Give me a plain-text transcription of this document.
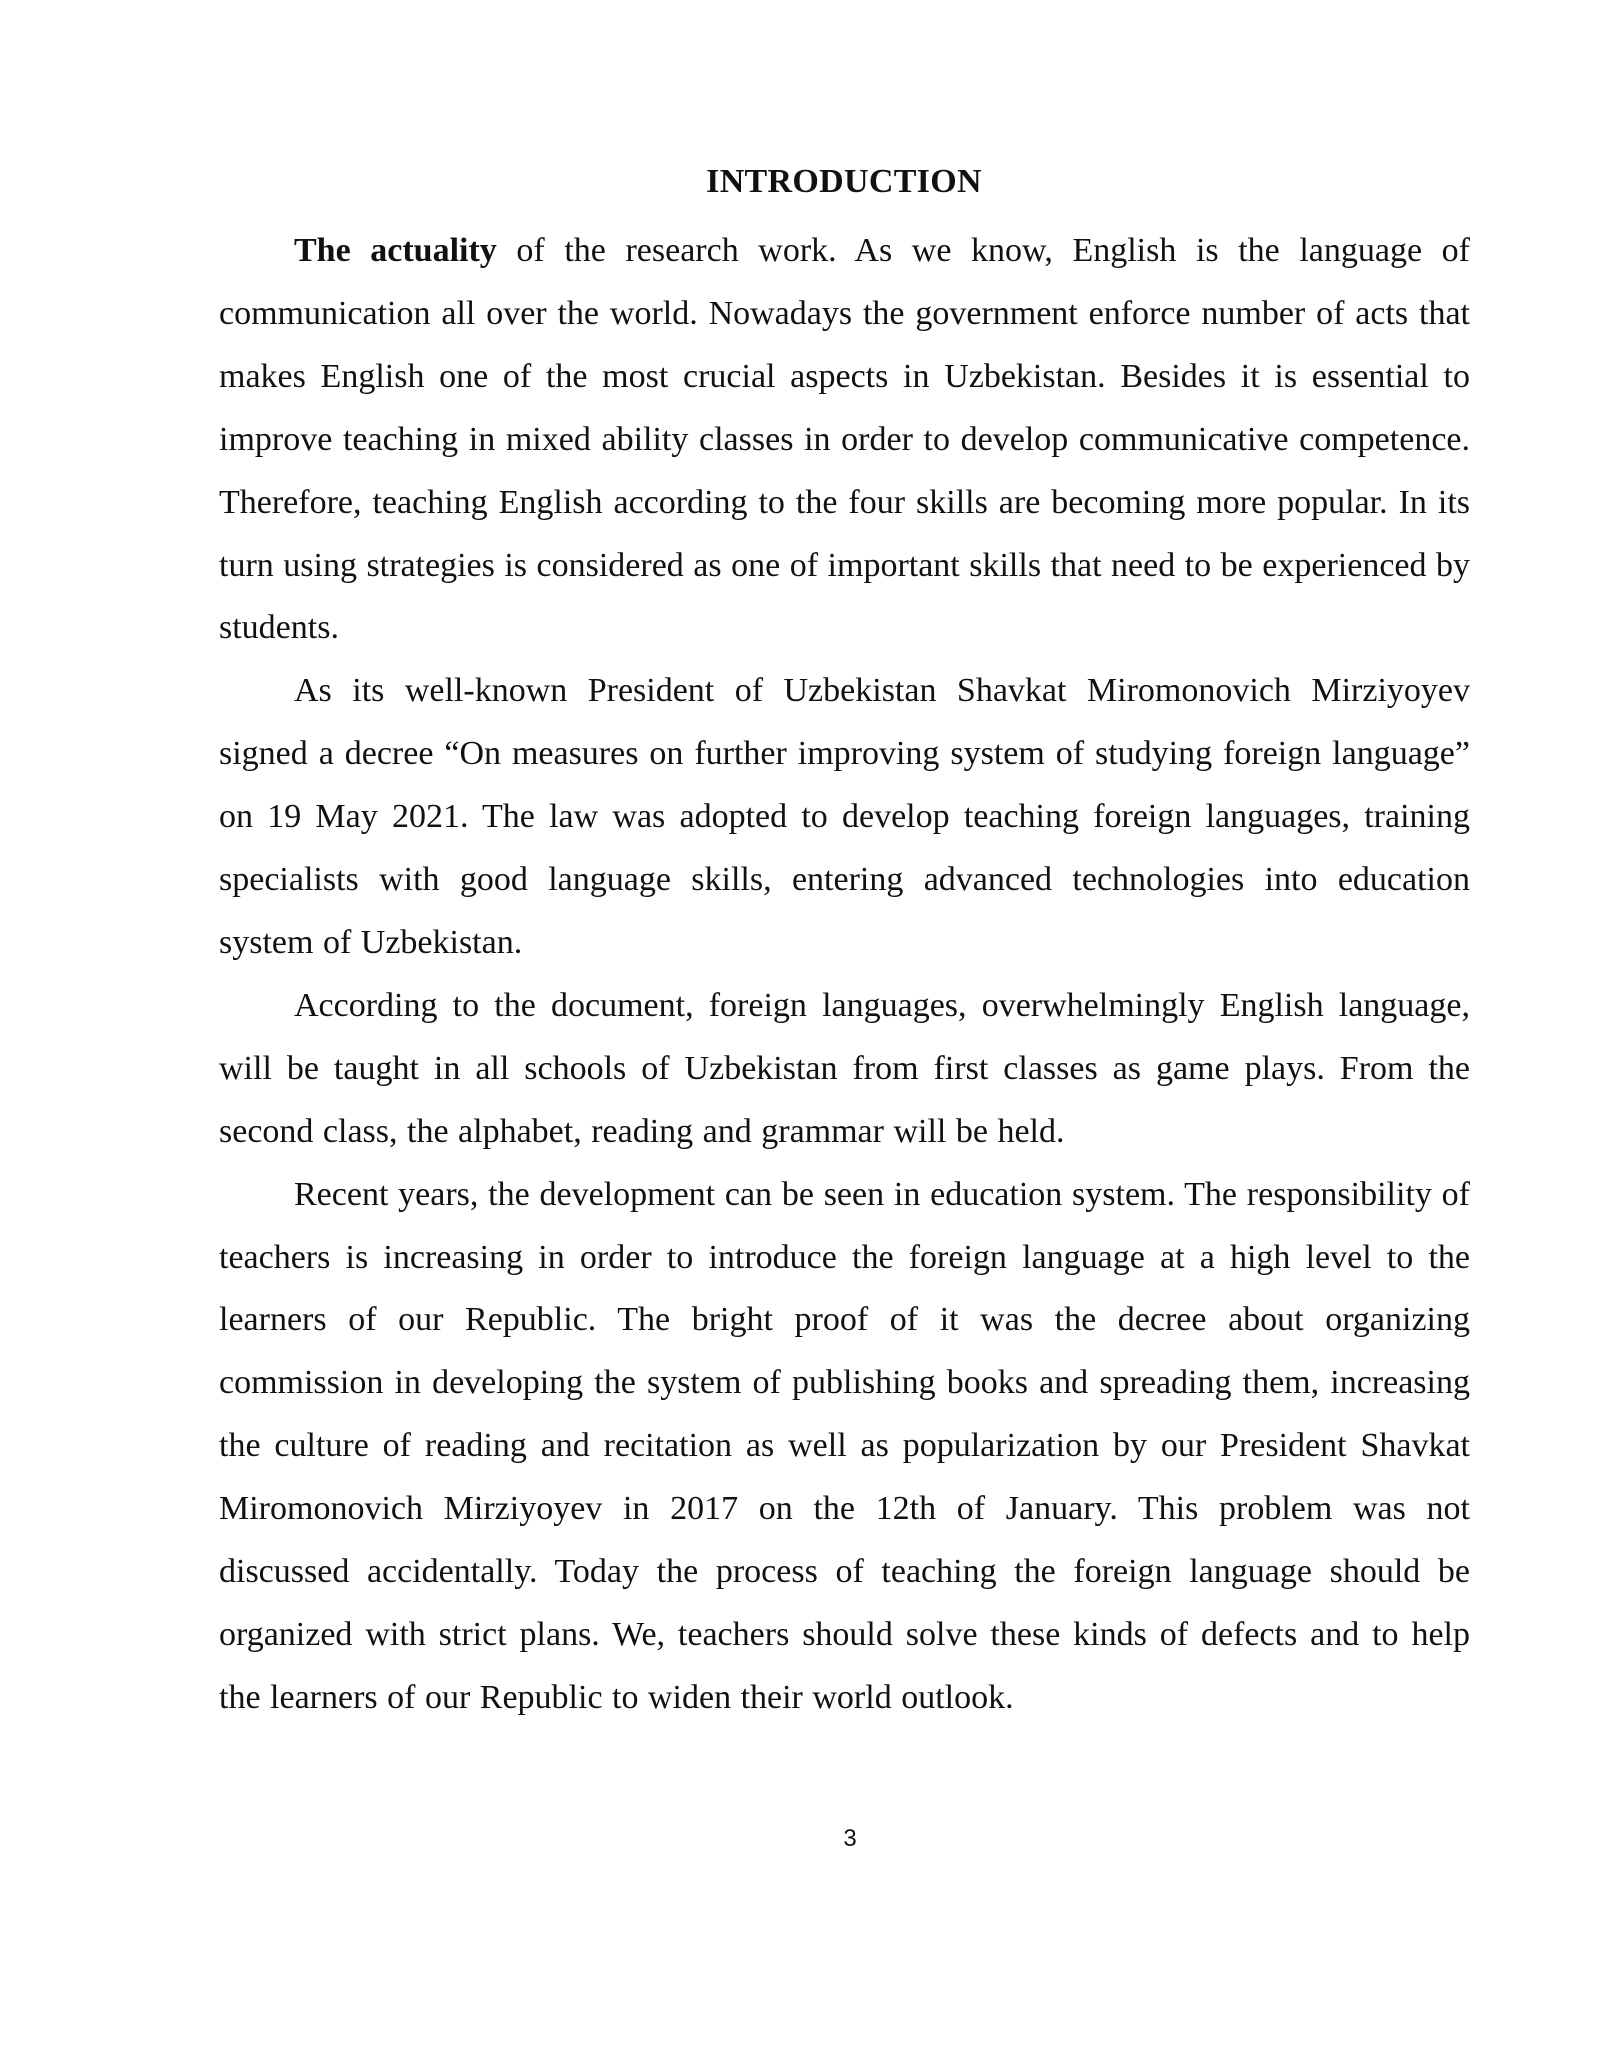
INTRODUCTION

The actuality of the research work. As we know, English is the language of communication all over the world. Nowadays the government enforce number of acts that makes English one of the most crucial aspects in Uzbekistan. Besides it is essential to improve teaching in mixed ability classes in order to develop communicative competence. Therefore, teaching English according to the four skills are becoming more popular. In its turn using strategies is considered as one of important skills that need to be experienced by students.

As its well-known President of Uzbekistan Shavkat Miromonovich Mirziyoyev signed a decree “On measures on further improving system of studying foreign language” on 19 May 2021. The law was adopted to develop teaching foreign languages, training specialists with good language skills, entering advanced technologies into education system of Uzbekistan.

According to the document, foreign languages, overwhelmingly English language, will be taught in all schools of Uzbekistan from first classes as game plays. From the second class, the alphabet, reading and grammar will be held.

Recent years, the development can be seen in education system. The responsibility of teachers is increasing in order to introduce the foreign language at a high level to the learners of our Republic. The bright proof of it was the decree about organizing commission in developing the system of publishing books and spreading them, increasing the culture of reading and recitation as well as popularization by our President Shavkat Miromonovich Mirziyoyev in 2017 on the 12th of January. This problem was not discussed accidentally. Today the process of teaching the foreign language should be organized with strict plans. We, teachers should solve these kinds of defects and to help the learners of our Republic to widen their world outlook.

3
